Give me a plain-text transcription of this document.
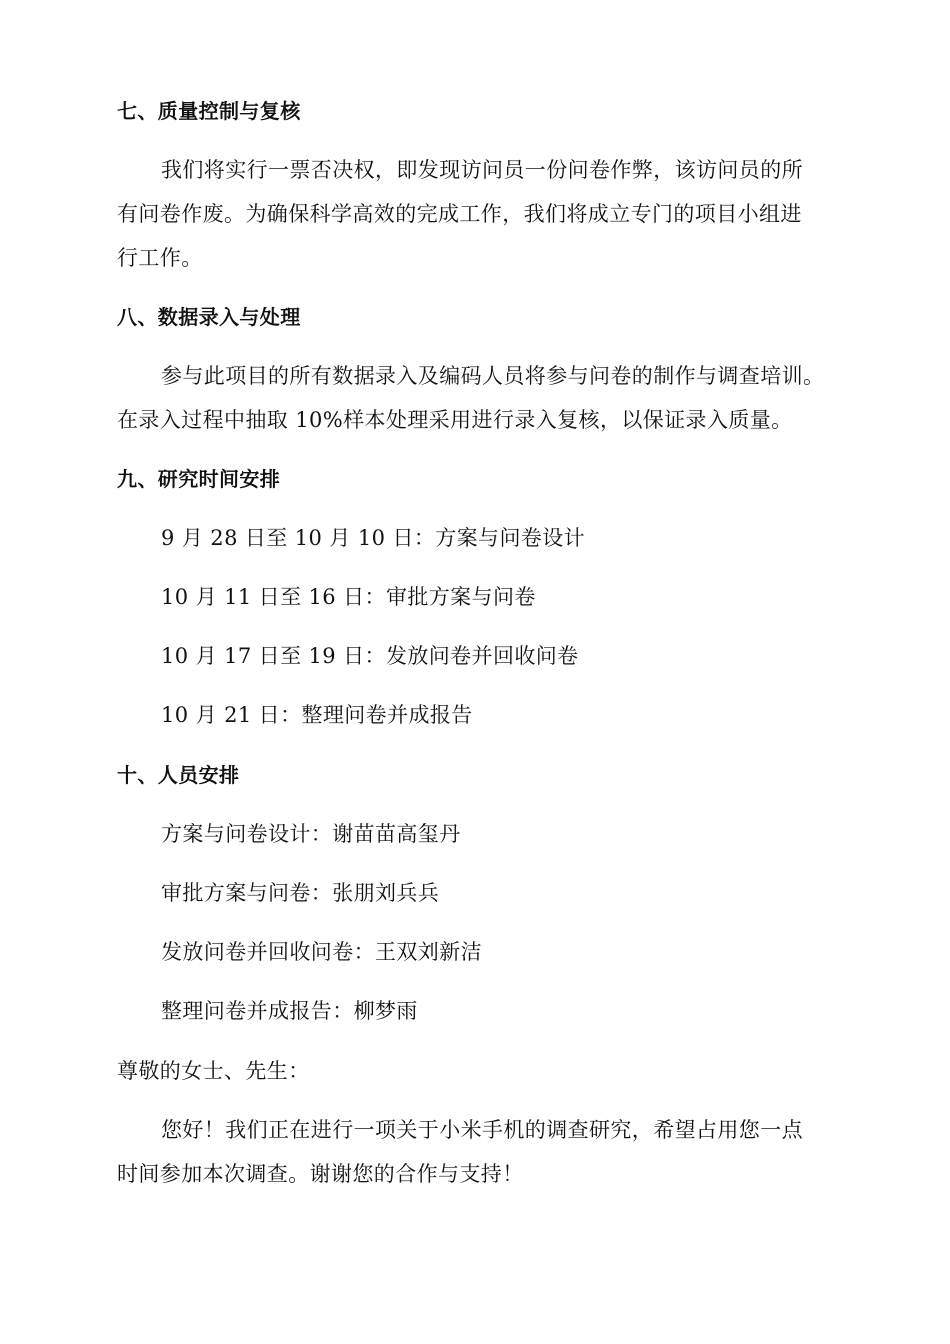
七、质量控制与复核
我们将实行一票否决权，即发现访问员一份问卷作弊，该访问员的所
有问卷作废。为确保科学高效的完成工作，我们将成立专门的项目小组进
行工作。
八、数据录入与处理
参与此项目的所有数据录入及编码人员将参与问卷的制作与调查培训。
在录入过程中抽取 10%样本处理采用进行录入复核，以保证录入质量。
九、研究时间安排
9 月 28 日至 10 月 10 日：方案与问卷设计
10 月 11 日至 16 日：审批方案与问卷
10 月 17 日至 19 日：发放问卷并回收问卷
10 月 21 日：整理问卷并成报告
十、人员安排
方案与问卷设计：谢苗苗高玺丹
审批方案与问卷：张朋刘兵兵
发放问卷并回收问卷：王双刘新洁
整理问卷并成报告：柳梦雨
尊敬的女士、先生：
您好！我们正在进行一项关于小米手机的调查研究，希望占用您一点
时间参加本次调查。谢谢您的合作与支持！
